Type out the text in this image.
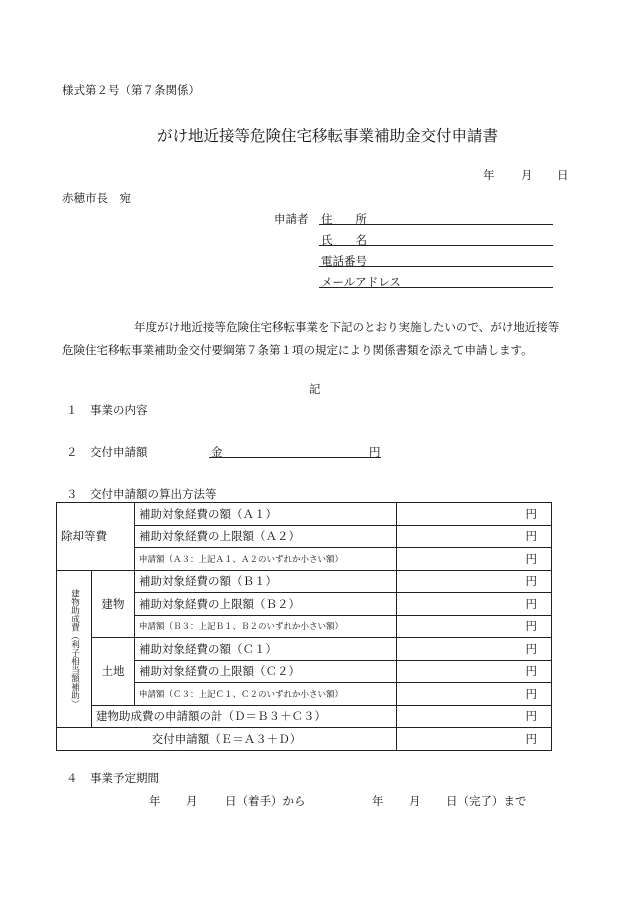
様式第２号（第７条関係）
がけ地近接等危険住宅移転事業補助金交付申請書
年 月 日
赤穂市長　宛
申請者 住　　所
氏　　名
電話番号
メールアドレス
年度がけ地近接等危険住宅移転事業を下記のとおり実施したいので、がけ地近接等危険住宅移転事業補助金交付要綱第７条第１項の規定により関係書類を添えて申請します。
記
１ 事業の内容
２ 交付申請額	金	円
３ 交付申請額の算出方法等
除却等費		補助対象経費の額（Ａ１）	円
		補助対象経費の上限額（Ａ２）	円
		申請額（Ａ３：上記Ａ１、Ａ２のいずれか小さい額）	円

建物助成費（利子相当額補助）	建物	補助対象経費の額（Ｂ１）	円
		補助対象経費の上限額（Ｂ２）	円
		申請額（Ｂ３：上記Ｂ１、Ｂ２のいずれか小さい額）	円
	土地	補助対象経費の額（Ｃ１）	円
		補助対象経費の上限額（Ｃ２）	円
		申請額（Ｃ３：上記Ｃ１、Ｃ２のいずれか小さい額）	円
	建物助成費の申請額の計（Ｄ＝Ｂ３＋Ｃ３）		円
交付申請額（Ｅ＝Ａ３＋Ｄ）			円
４ 事業予定期間
年 月 日（着手）から	年 月 日（完了）まで
